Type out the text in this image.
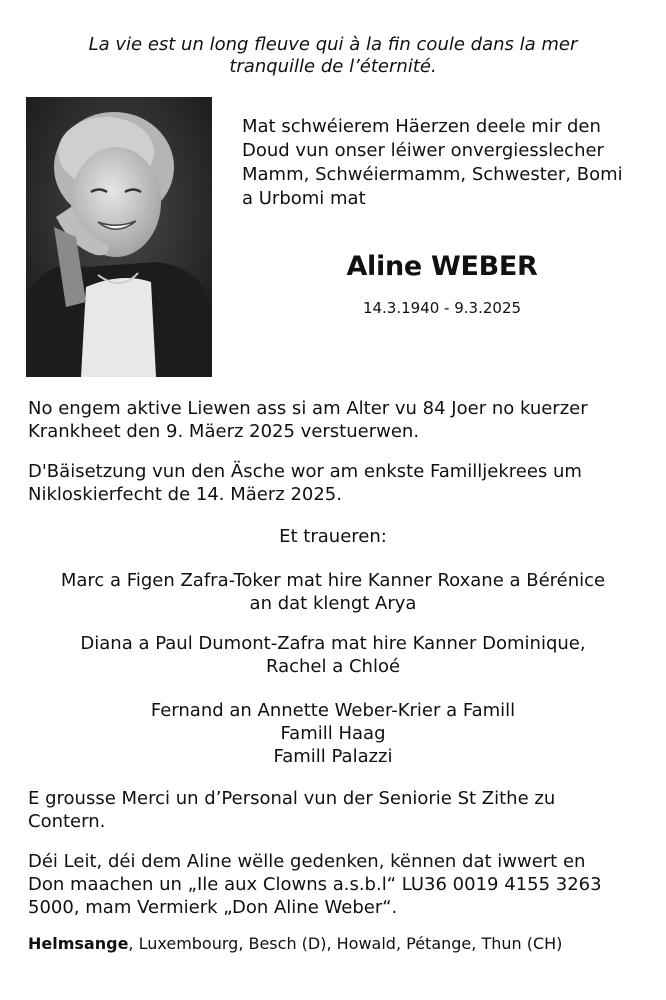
La vie est un long fleuve qui à la fin coule dans la mer

tranquille de l’éternité.

Mat schwéierem Häerzen deele mir den

Doud vun onser léiwer onvergiesslecher

Mamm, Schwéiermamm, Schwester, Bomi

a Urbomi mat

Aline WEBER
14.3.1940 - 9.3.2025

No engem aktive Liewen ass si am Alter vu 84 Joer no kuerzer

Krankheet den 9. Mäerz 2025 verstuerwen.

D'Bäisetzung vun den Äsche wor am enkste Familljekrees um

Nikloskierfecht de 14. Mäerz 2025.

Et traueren:

Marc a Figen Zafra-Toker mat hire Kanner Roxane a Bérénice

an dat klengt Arya

Diana a Paul Dumont-Zafra mat hire Kanner Dominique,

Rachel a Chloé

Fernand an Annette Weber-Krier a Famill

Famill Haag

Famill Palazzi

E grousse Merci un d’Personal vun der Seniorie St Zithe zu

Contern.

Déi Leit, déi dem Aline wëlle gedenken, kënnen dat iwwert en

Don maachen un „Ile aux Clowns a.s.b.l“ LU36 0019 4155 3263

5000, mam Vermierk „Don Aline Weber“.

Helmsange, Luxembourg, Besch (D), Howald, Pétange, Thun (CH)
